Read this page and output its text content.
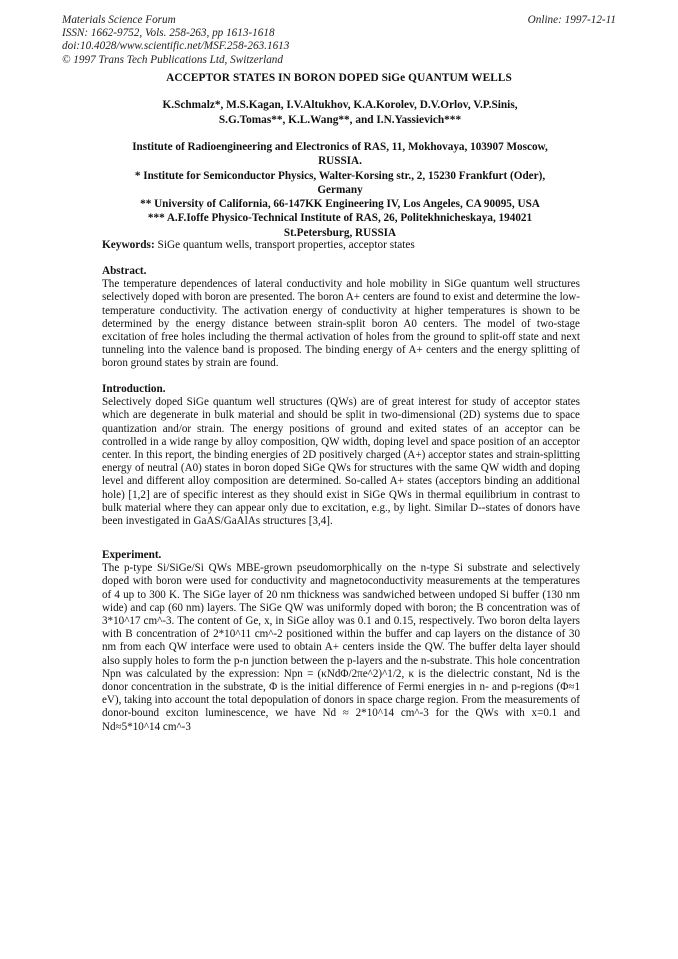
Materials Science Forum
ISSN: 1662-9752, Vols. 258-263, pp 1613-1618
doi:10.4028/www.scientific.net/MSF.258-263.1613
© 1997 Trans Tech Publications Ltd, Switzerland
Online: 1997-12-11
ACCEPTOR STATES IN BORON DOPED SiGe QUANTUM WELLS
K.Schmalz*, M.S.Kagan, I.V.Altukhov, K.A.Korolev, D.V.Orlov, V.P.Sinis,
S.G.Tomas**, K.L.Wang**, and I.N.Yassievich***
Institute of Radioengineering and Electronics of RAS, 11, Mokhovaya, 103907 Moscow,
RUSSIA.
* Institute for Semiconductor Physics, Walter-Korsing str., 2, 15230 Frankfurt (Oder),
Germany
** University of California, 66-147KK Engineering IV, Los Angeles, CA 90095, USA
*** A.F.Ioffe Physico-Technical Institute of RAS, 26, Politekhnicheskaya, 194021
St.Petersburg, RUSSIA
Keywords: SiGe quantum wells, transport properties, acceptor states
Abstract.

The temperature dependences of lateral conductivity and hole mobility in SiGe quantum well structures selectively doped with boron are presented. The boron A+ centers are found to exist and determine the low-temperature conductivity. The activation energy of conductivity at higher temperatures is shown to be determined by the energy distance between strain-split boron A0 centers. The model of two-stage excitation of free holes including the thermal activation of holes from the ground to split-off state and next tunneling into the valence band is proposed. The binding energy of A+ centers and the energy splitting of boron ground states by strain are found.

Introduction.

Selectively doped SiGe quantum well structures (QWs) are of great interest for study of acceptor states which are degenerate in bulk material and should be split in two-dimensional (2D) systems due to space quantization and/or strain. The energy positions of ground and exited states of an acceptor can be controlled in a wide range by alloy composition, QW width, doping level and space position of an acceptor center. In this report, the binding energies of 2D positively charged (A+) acceptor states and strain-splitting energy of neutral (A0) states in boron doped SiGe QWs for structures with the same QW width and doping level and different alloy composition are determined. So-called A+ states (acceptors binding an additional hole) [1,2] are of specific interest as they should exist in SiGe QWs in thermal equilibrium in contrast to bulk material where they can appear only due to excitation, e.g., by light. Similar D--states of donors have been investigated in GaAS/GaAlAs structures [3,4].

Experiment.

The p-type Si/SiGe/Si QWs MBE-grown pseudomorphically on the n-type Si substrate and selectively doped with boron were used for conductivity and magnetoconductivity measurements at the temperatures of 4 up to 300 K. The SiGe layer of 20 nm thickness was sandwiched between undoped Si buffer (130 nm wide) and cap (60 nm) layers. The SiGe QW was uniformly doped with boron; the B concentration was of 3*10^17 cm^-3. The content of Ge, x, in SiGe alloy was 0.1 and 0.15, respectively. Two boron delta layers with B concentration of 2*10^11 cm^-2 positioned within the buffer and cap layers on the distance of 30 nm from each QW interface were used to obtain A+ centers inside the QW. The buffer delta layer should also supply holes to form the p-n junction between the p-layers and the n-substrate. This hole concentration Npn was calculated by the expression: Npn = (κNdΦ/2πe^2)^1/2, κ is the dielectric constant, Nd is the donor concentration in the substrate, Φ is the initial difference of Fermi energies in n- and p-regions (Φ≈1 eV), taking into account the total depopulation of donors in space charge region. From the measurements of donor-bound exciton luminescence, we have Nd ≈ 2*10^14 cm^-3 for the QWs with x=0.1 and Nd≈5*10^14 cm^-3
